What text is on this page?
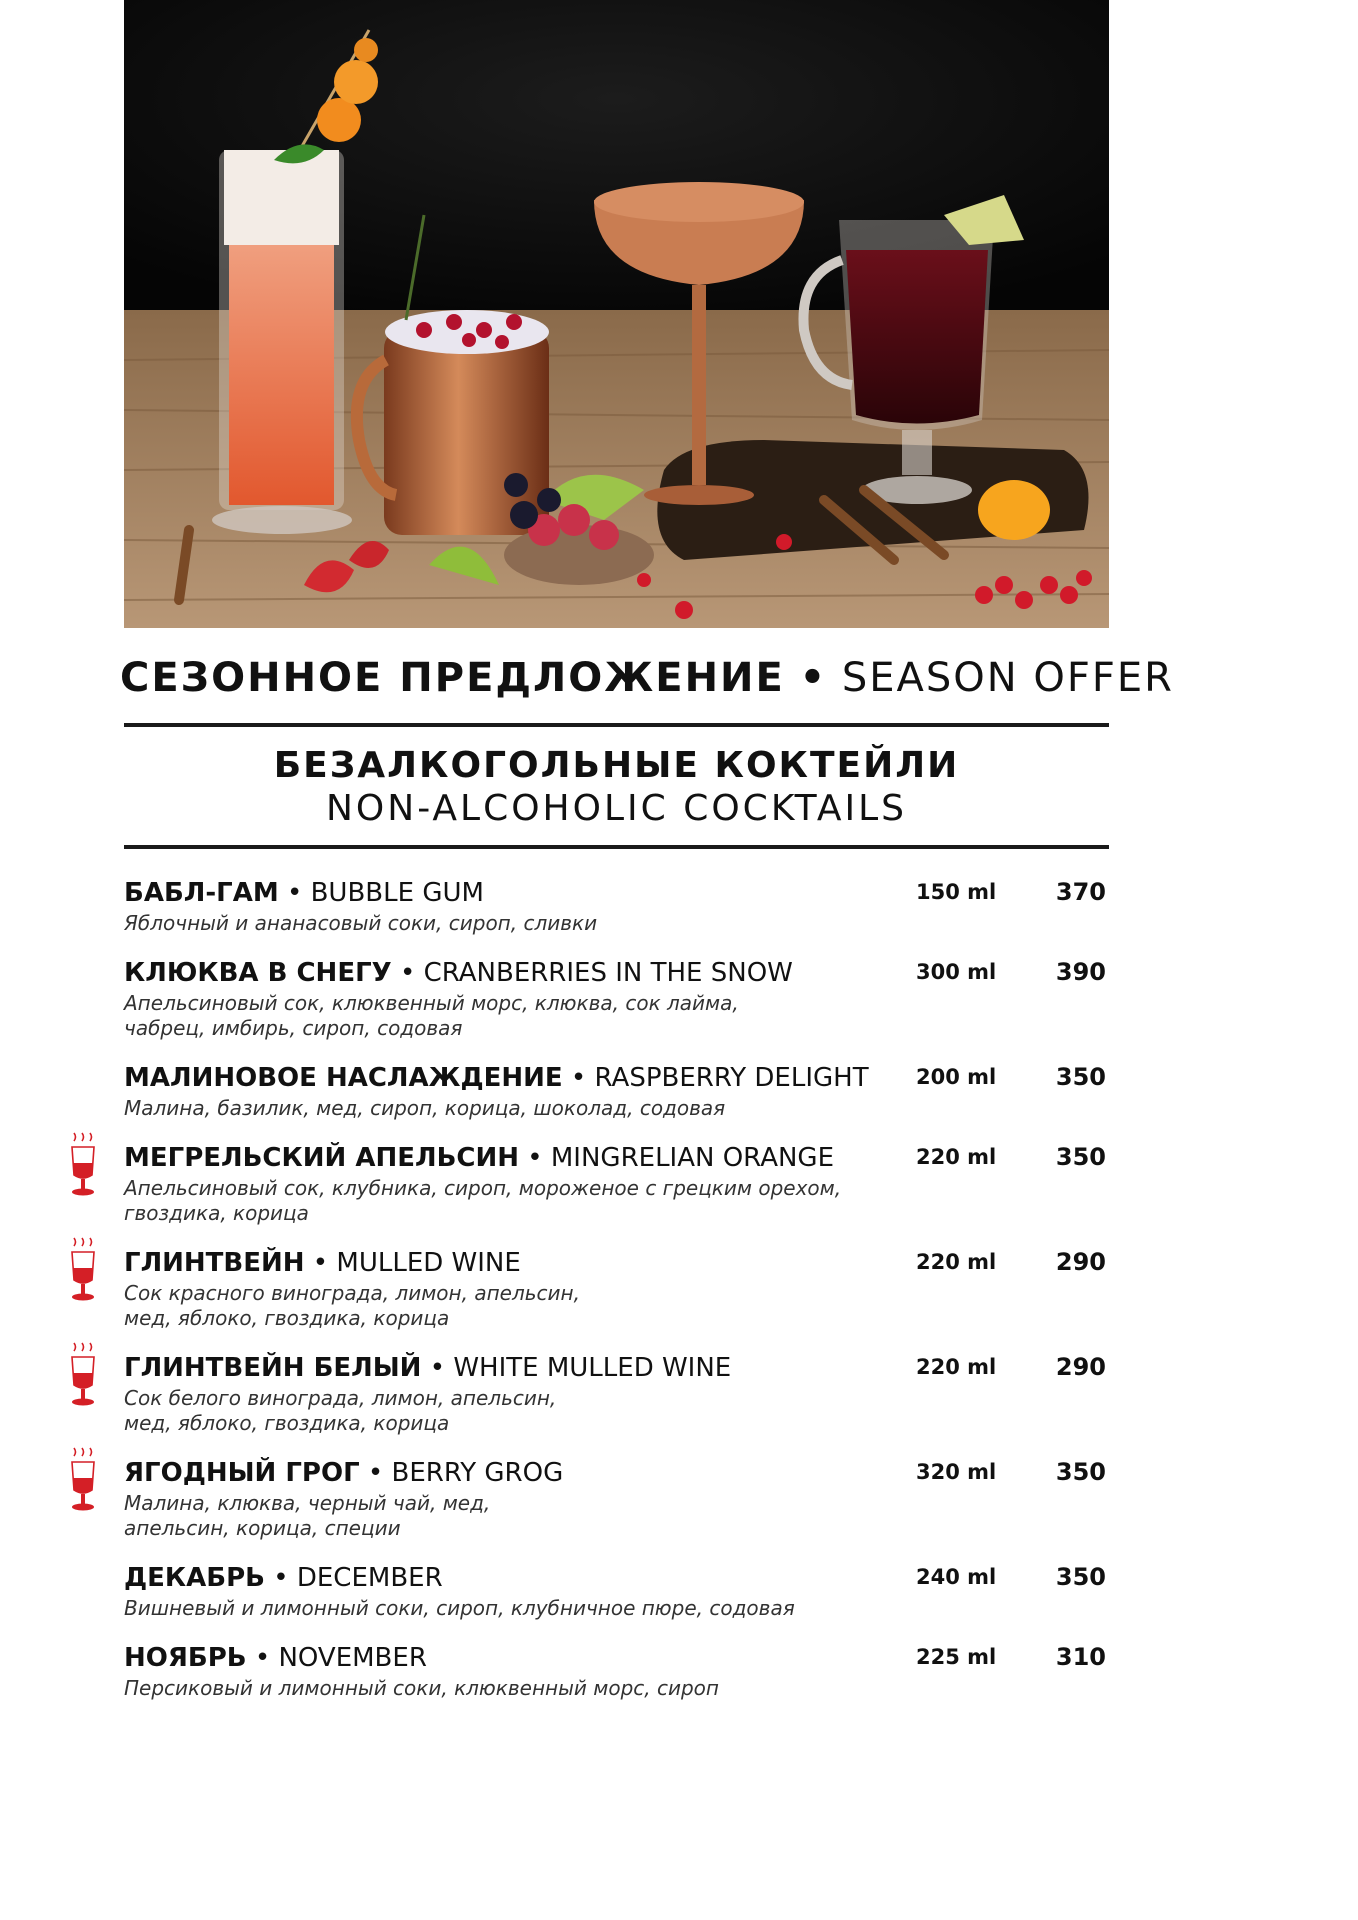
СЕЗОННОЕ ПРЕДЛОЖЕНИЕ • SEASON OFFER
БЕЗАЛКОГОЛЬНЫЕ КОКТЕЙЛИ
NON-ALCOHOLIC COCKTAILS
БАБЛ-ГАМ • BUBBLE GUM
Яблочный и ананасовый соки, сироп, сливки
150 ml	370
КЛЮКВА В СНЕГУ • CRANBERRIES IN THE SNOW
Апельсиновый сок, клюквенный морс, клюква, сок лайма,
чабрец, имбирь, сироп, содовая
300 ml	390
МАЛИНОВОЕ НАСЛАЖДЕНИЕ • RASPBERRY DELIGHT
Малина, базилик, мед, сироп, корица, шоколад, содовая
200 ml	350
МЕГРЕЛЬСКИЙ АПЕЛЬСИН • MINGRELIAN ORANGE
Апельсиновый сок, клубника, сироп, мороженое с грецким орехом,
гвоздика, корица
220 ml	350
ГЛИНТВЕЙН • MULLED WINE
Сок красного винограда, лимон, апельсин,
мед, яблоко, гвоздика, корица
220 ml	290
ГЛИНТВЕЙН БЕЛЫЙ • WHITE MULLED WINE
Сок белого винограда, лимон, апельсин,
мед, яблоко, гвоздика, корица
220 ml	290
ЯГОДНЫЙ ГРОГ • BERRY GROG
Малина, клюква, черный чай, мед,
апельсин, корица, специи
320 ml	350
ДЕКАБРЬ • DECEMBER
Вишневый и лимонный соки, сироп, клубничное пюре, содовая
240 ml	350
НОЯБРЬ • NOVEMBER
Персиковый и лимонный соки, клюквенный морс, сироп
225 ml	310
